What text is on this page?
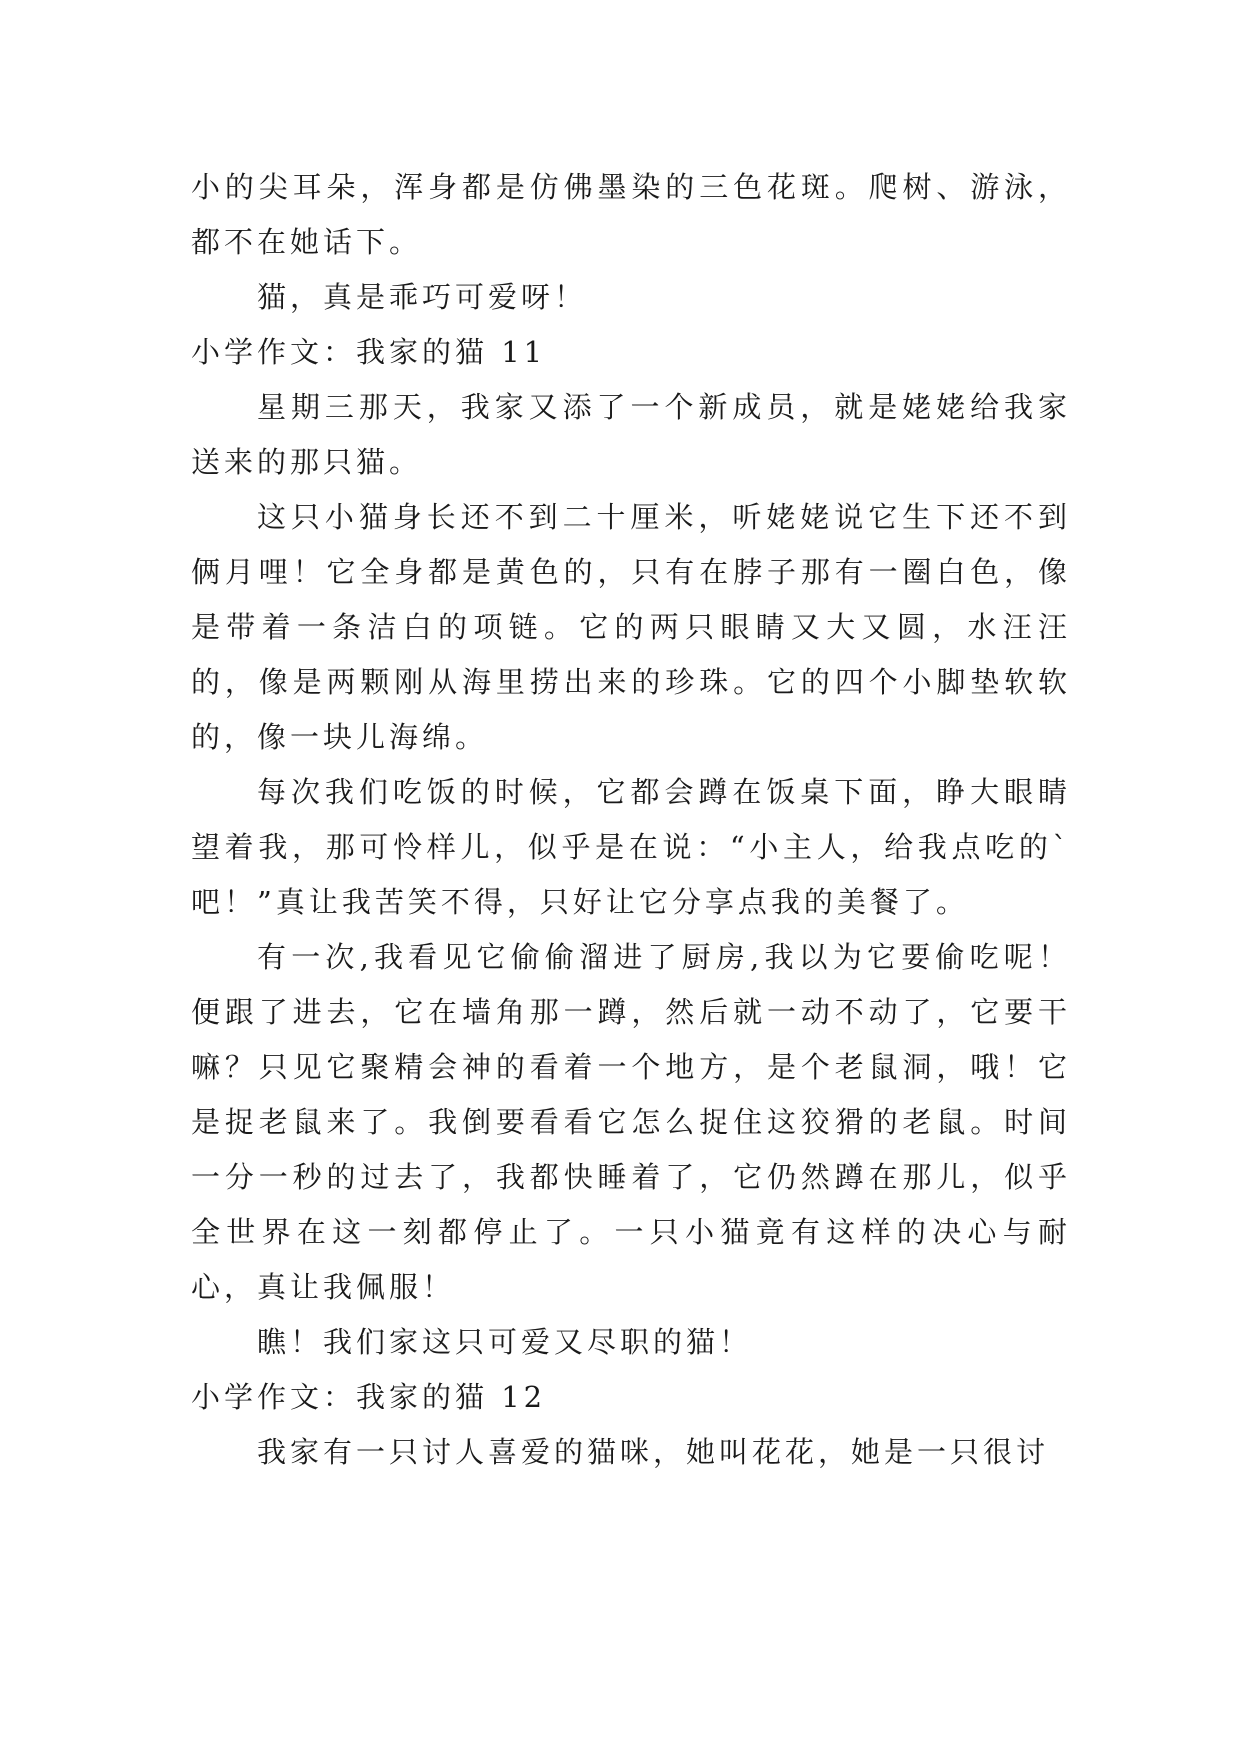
小的尖耳朵，浑身都是仿佛墨染的三色花斑。爬树、游泳，都不在她话下。

猫，真是乖巧可爱呀！

小学作文：我家的猫 11

星期三那天，我家又添了一个新成员，就是姥姥给我家送来的那只猫。

这只小猫身长还不到二十厘米，听姥姥说它生下还不到俩月哩！它全身都是黄色的，只有在脖子那有一圈白色，像是带着一条洁白的项链。它的两只眼睛又大又圆，水汪汪的，像是两颗刚从海里捞出来的珍珠。它的四个小脚垫软软的，像一块儿海绵。

每次我们吃饭的时候，它都会蹲在饭桌下面，睁大眼睛望着我，那可怜样儿，似乎是在说：“小主人，给我点吃的`吧！”真让我苦笑不得，只好让它分享点我的美餐了。

有一次,我看见它偷偷溜进了厨房,我以为它要偷吃呢！便跟了进去，它在墙角那一蹲，然后就一动不动了，它要干嘛？只见它聚精会神的看着一个地方，是个老鼠洞，哦！它是捉老鼠来了。我倒要看看它怎么捉住这狡猾的老鼠。时间一分一秒的过去了，我都快睡着了，它仍然蹲在那儿，似乎全世界在这一刻都停止了。一只小猫竟有这样的决心与耐心，真让我佩服！

瞧！我们家这只可爱又尽职的猫！

小学作文：我家的猫 12

我家有一只讨人喜爱的猫咪，她叫花花，她是一只很讨
